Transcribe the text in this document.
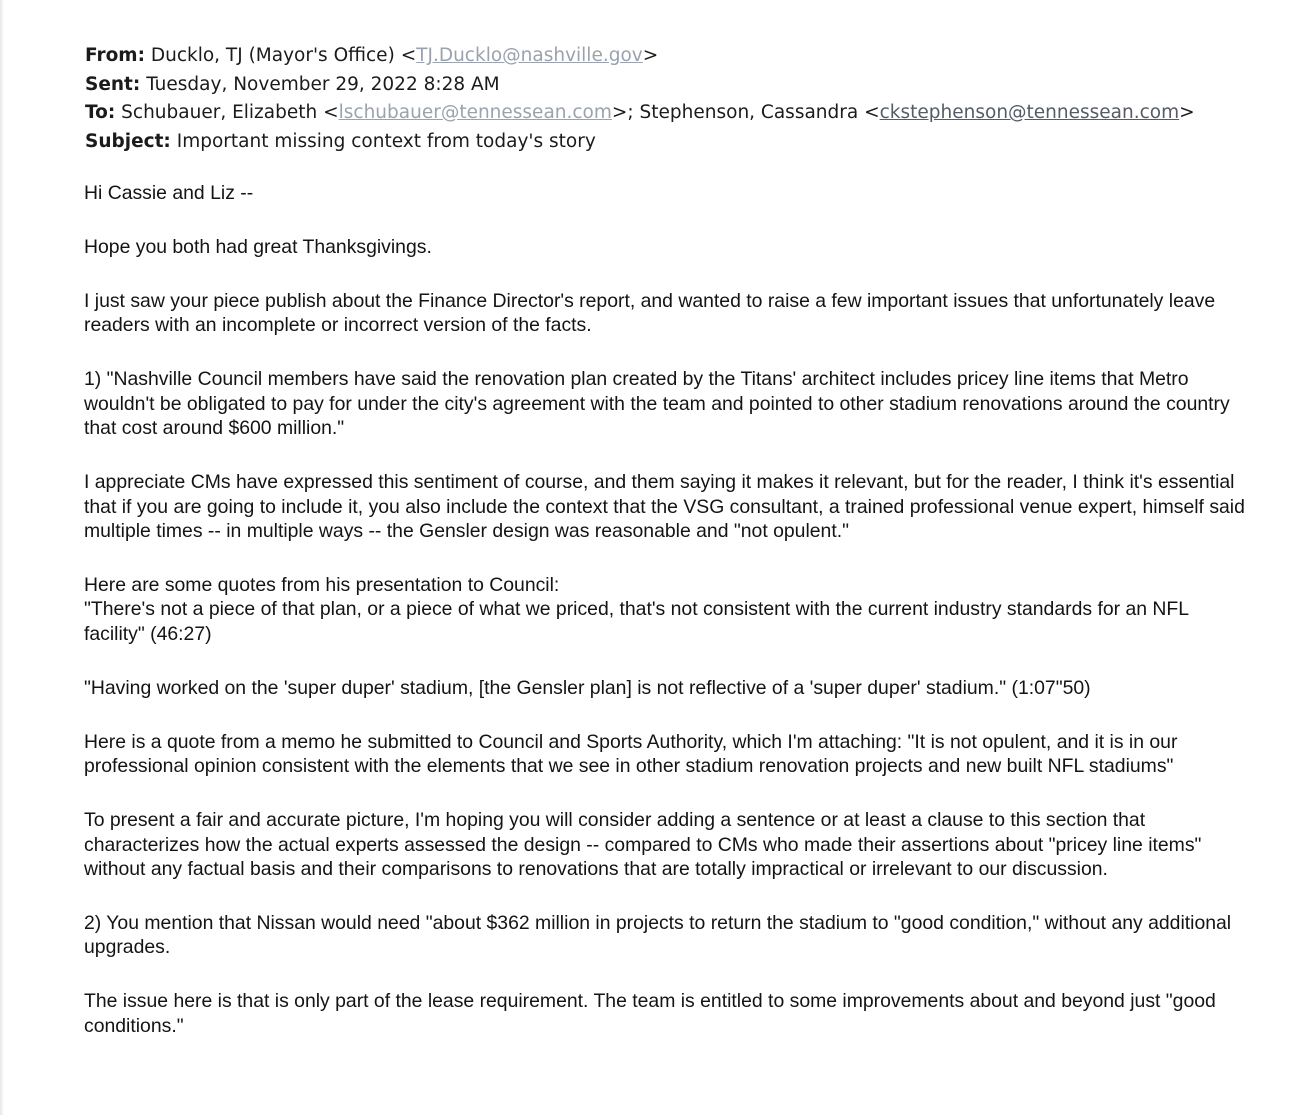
From: Ducklo, TJ (Mayor's Office) <TJ.Ducklo@nashville.gov>
Sent: Tuesday, November 29, 2022 8:28 AM
To: Schubauer, Elizabeth <lschubauer@tennessean.com>; Stephenson, Cassandra <ckstephenson@tennessean.com>
Subject: Important missing context from today's story

Hi Cassie and Liz --

Hope you both had great Thanksgivings.

I just saw your piece publish about the Finance Director's report, and wanted to raise a few important issues that unfortunately leave readers with an incomplete or incorrect version of the facts.

1) "Nashville Council members have said the renovation plan created by the Titans' architect includes pricey line items that Metro wouldn't be obligated to pay for under the city's agreement with the team and pointed to other stadium renovations around the country that cost around $600 million."

I appreciate CMs have expressed this sentiment of course, and them saying it makes it relevant, but for the reader, I think it's essential that if you are going to include it, you also include the context that the VSG consultant, a trained professional venue expert, himself said multiple times -- in multiple ways -- the Gensler design was reasonable and "not opulent."

Here are some quotes from his presentation to Council:

"There's not a piece of that plan, or a piece of what we priced, that's not consistent with the current industry standards for an NFL facility" (46:27)

"Having worked on the 'super duper' stadium, [the Gensler plan] is not reflective of a 'super duper' stadium." (1:07"50)

Here is a quote from a memo he submitted to Council and Sports Authority, which I'm attaching: "It is not opulent, and it is in our professional opinion consistent with the elements that we see in other stadium renovation projects and new built NFL stadiums"

To present a fair and accurate picture, I'm hoping you will consider adding a sentence or at least a clause to this section that characterizes how the actual experts assessed the design -- compared to CMs who made their assertions about "pricey line items" without any factual basis and their comparisons to renovations that are totally impractical or irrelevant to our discussion.

2) You mention that Nissan would need "about $362 million in projects to return the stadium to "good condition," without any additional upgrades.

The issue here is that is only part of the lease requirement. The team is entitled to some improvements about and beyond just "good conditions."
